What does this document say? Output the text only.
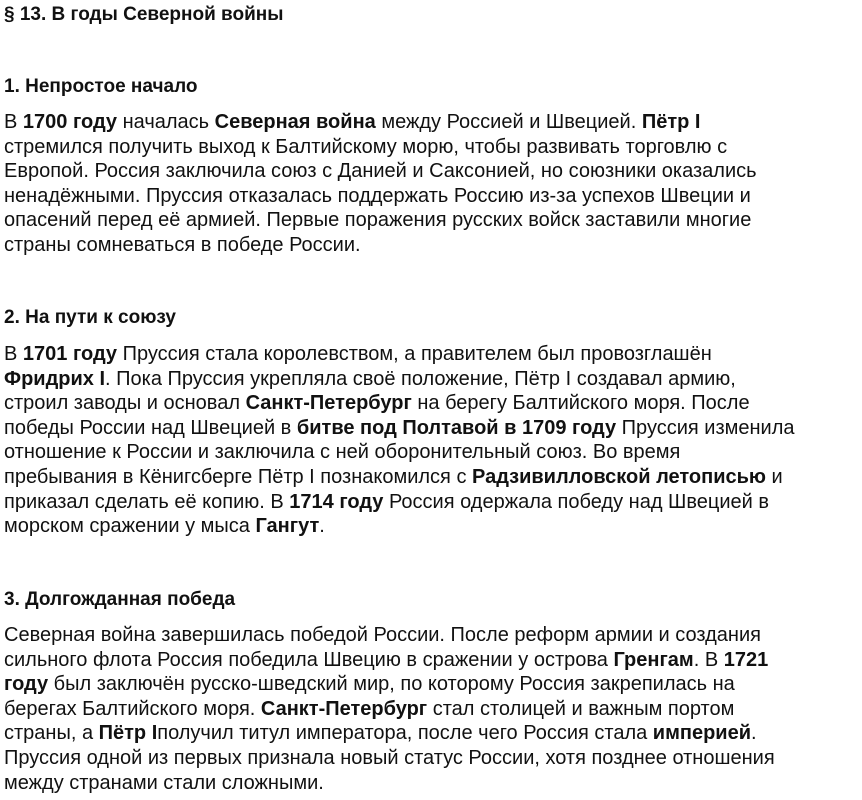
§ 13. В годы Северной войны
1. Непростое начало
В 1700 году началась Северная война между Россией и Швецией. Пётр I
стремился получить выход к Балтийскому морю, чтобы развивать торговлю с
Европой. Россия заключила союз с Данией и Саксонией, но союзники оказались
ненадёжными. Пруссия отказалась поддержать Россию из-за успехов Швеции и
опасений перед её армией. Первые поражения русских войск заставили многие
страны сомневаться в победе России.
2. На пути к союзу
В 1701 году Пруссия стала королевством, а правителем был провозглашён
Фридрих I. Пока Пруссия укрепляла своё положение, Пётр I создавал армию,
строил заводы и основал Санкт-Петербург на берегу Балтийского моря. После
победы России над Швецией в битве под Полтавой в 1709 году Пруссия изменила
отношение к России и заключила с ней оборонительный союз. Во время
пребывания в Кёнигсберге Пётр I познакомился с Радзивилловской летописью и
приказал сделать её копию. В 1714 году Россия одержала победу над Швецией в
морском сражении у мыса Гангут.
3. Долгожданная победа
Северная война завершилась победой России. После реформ армии и создания
сильного флота Россия победила Швецию в сражении у острова Гренгам. В 1721
году был заключён русско-шведский мир, по которому Россия закрепилась на
берегах Балтийского моря. Санкт-Петербург стал столицей и важным портом
страны, а Пётр Iполучил титул императора, после чего Россия стала империей.
Пруссия одной из первых признала новый статус России, хотя позднее отношения
между странами стали сложными.
